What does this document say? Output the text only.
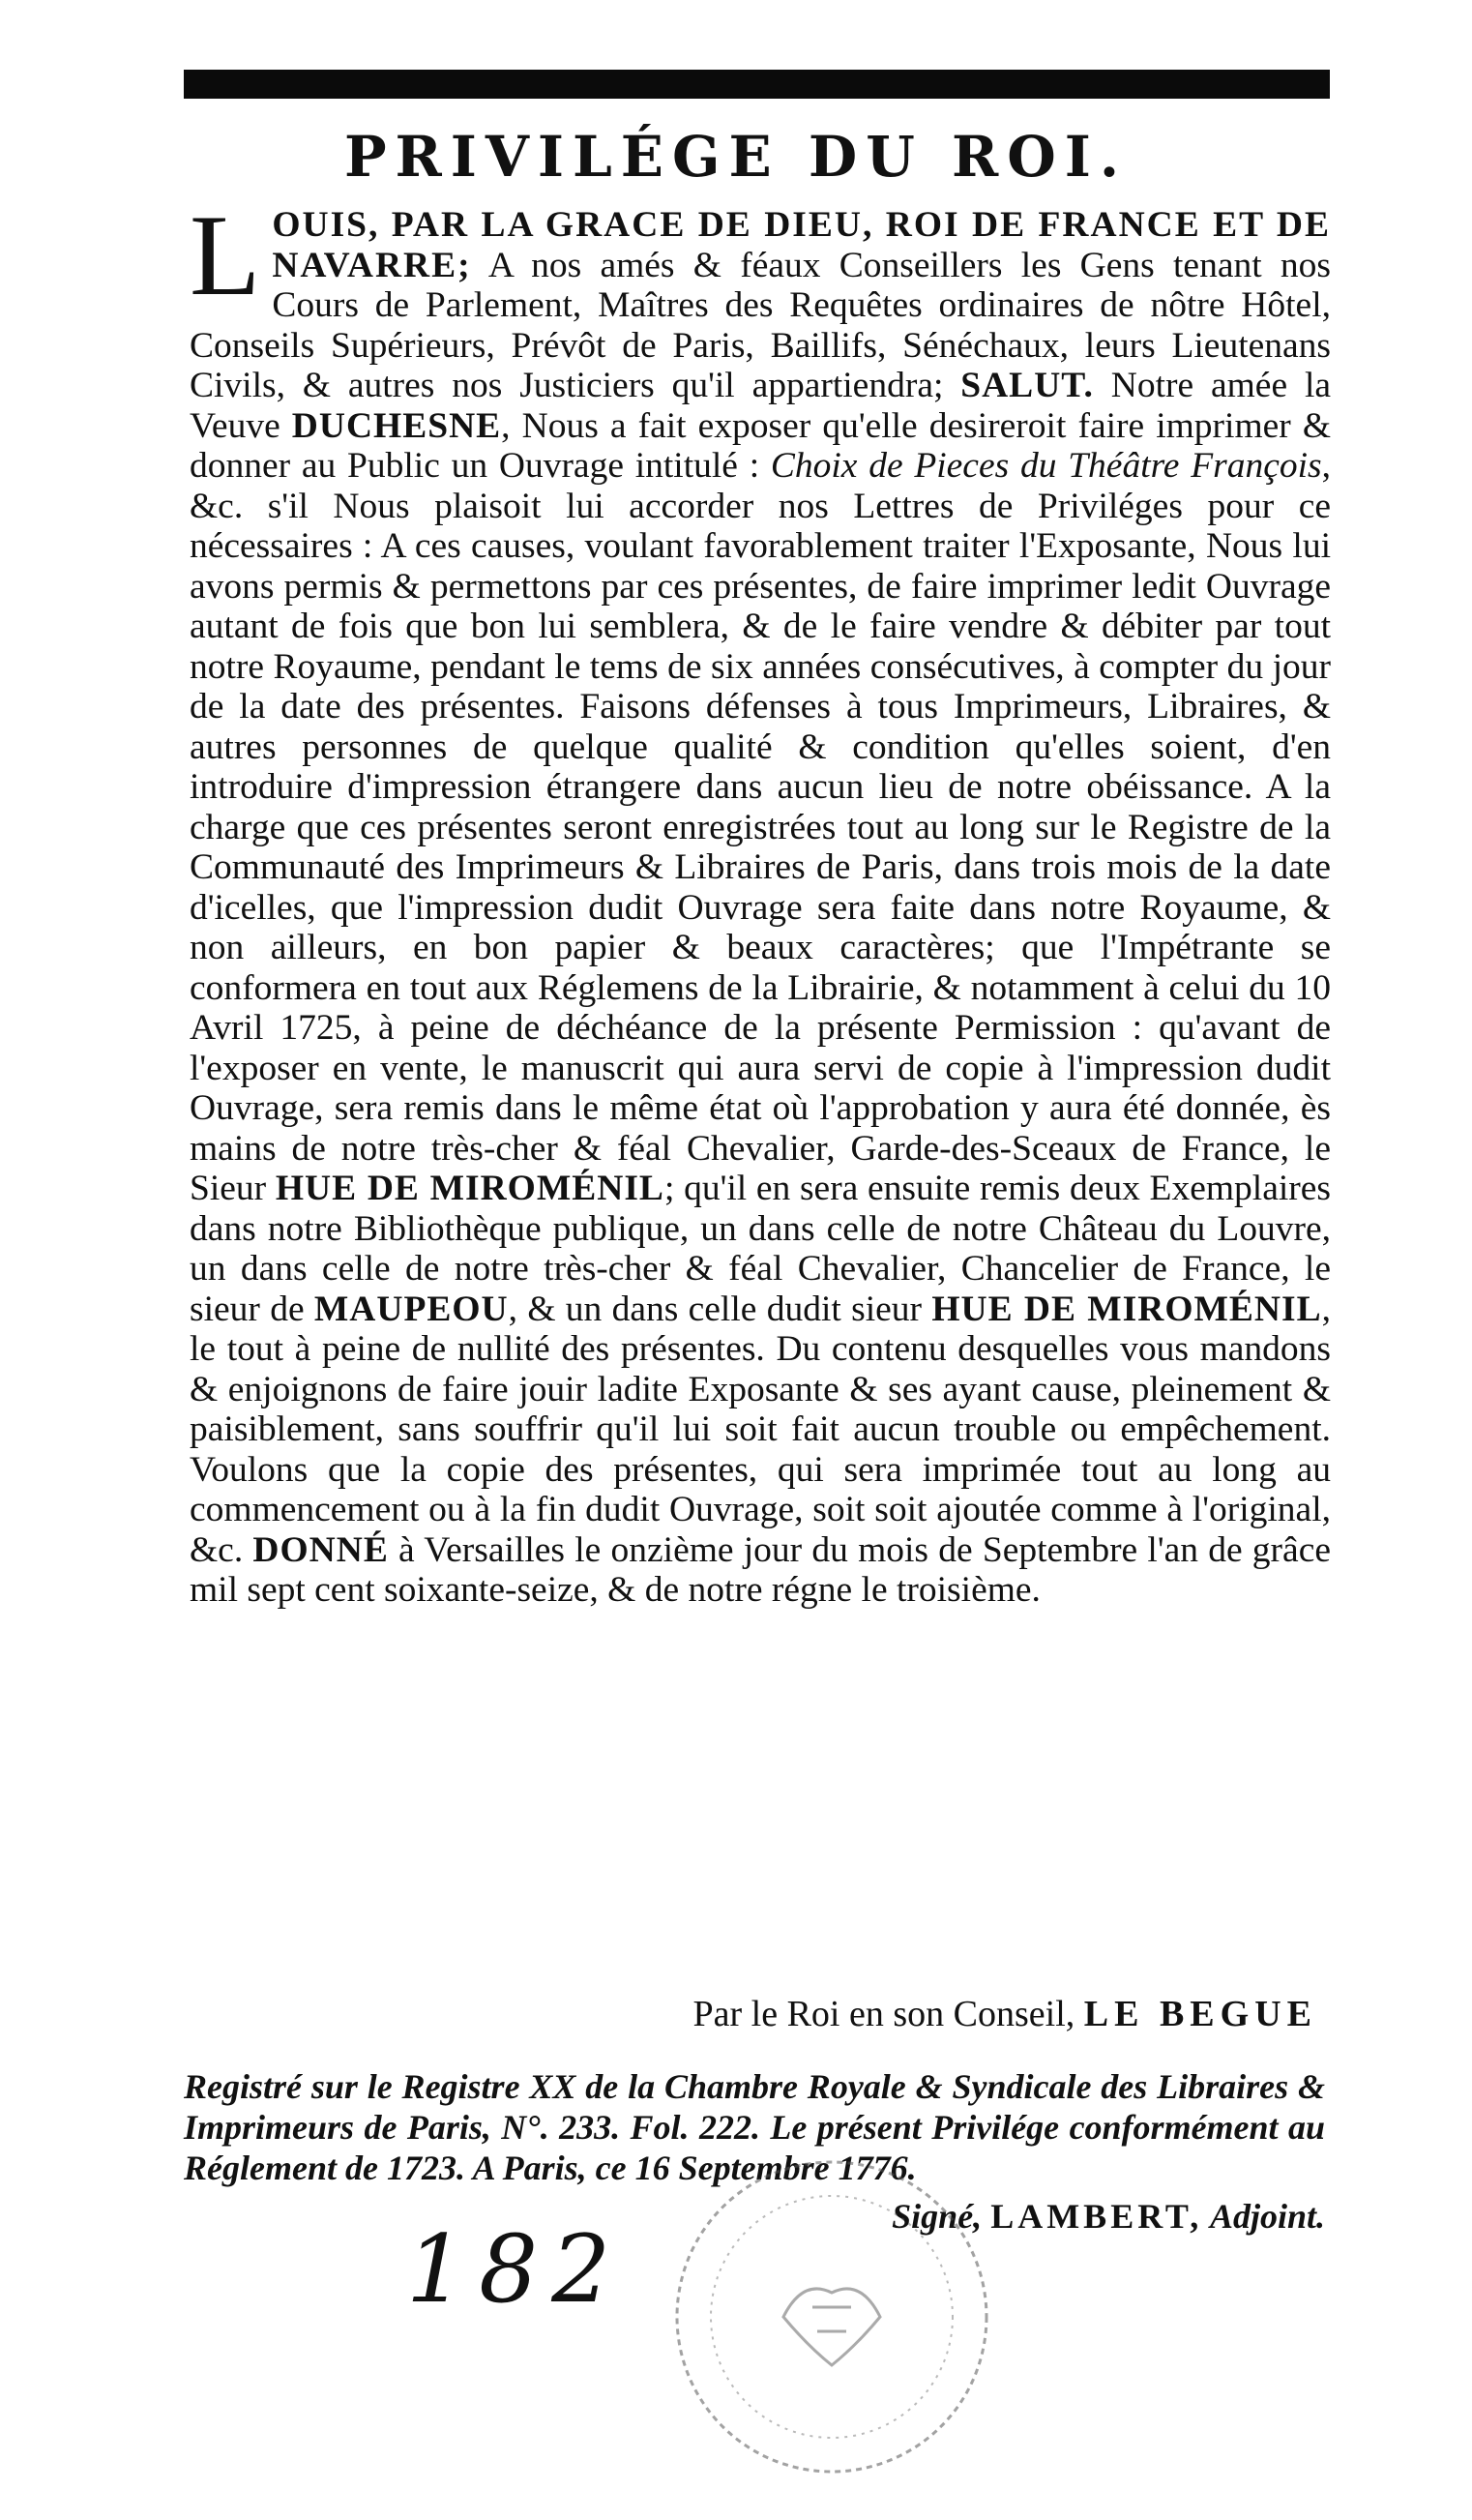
PRIVILÉGE DU ROI.
L OUIS, PAR LA GRACE DE DIEU, ROI DE FRANCE ET DE NAVARRE; A nos amés & féaux Conseillers les Gens tenant nos Cours de Parlement, Maîtres des Requêtes ordinaires de nôtre Hôtel, Conseils Supérieurs, Prévôt de Paris, Baillifs, Sénéchaux, leurs Lieutenans Civils, & autres nos Justiciers qu'il appartiendra; SALUT. Notre amée la Veuve DUCHESNE, Nous a fait exposer qu'elle desireroit faire imprimer & donner au Public un Ouvrage intitulé : Choix de Pieces du Théâtre François, &c. s'il Nous plaisoit lui accorder nos Lettres de Priviléges pour ce nécessaires : A ces causes, voulant favorablement traiter l'Exposante, Nous lui avons permis & permettons par ces présentes, de faire imprimer ledit Ouvrage autant de fois que bon lui semblera, & de le faire vendre & débiter par tout notre Royaume, pendant le tems de six années consécutives, à compter du jour de la date des présentes. Faisons défenses à tous Imprimeurs, Libraires, & autres personnes de quelque qualité & condition qu'elles soient, d'en introduire d'impression étrangere dans aucun lieu de notre obéissance. A la charge que ces présentes seront enregistrées tout au long sur le Registre de la Communauté des Imprimeurs & Libraires de Paris, dans trois mois de la date d'icelles, que l'impression dudit Ouvrage sera faite dans notre Royaume, & non ailleurs, en bon papier & beaux caractères; que l'Impétrante se conformera en tout aux Réglemens de la Librairie, & notamment à celui du 10 Avril 1725, à peine de déchéance de la présente Permission : qu'avant de l'exposer en vente, le manuscrit qui aura servi de copie à l'impression dudit Ouvrage, sera remis dans le même état où l'approbation y aura été donnée, ès mains de notre très-cher & féal Chevalier, Garde-des-Sceaux de France, le Sieur HUE DE MIROMÉNIL; qu'il en sera ensuite remis deux Exemplaires dans notre Bibliothèque publique, un dans celle de notre Château du Louvre, un dans celle de notre très-cher & féal Chevalier, Chancelier de France, le sieur de MAUPEOU, & un dans celle dudit sieur HUE DE MIROMÉNIL, le tout à peine de nullité des présentes. Du contenu desquelles vous mandons & enjoignons de faire jouir ladite Exposante & ses ayant cause, pleinement & paisiblement, sans souffrir qu'il lui soit fait aucun trouble ou empêchement. Voulons que la copie des présentes, qui sera imprimée tout au long au commencement ou à la fin dudit Ouvrage, soit soit ajoutée comme à l'original, &c. DONNÉ à Versailles le onzième jour du mois de Septembre l'an de grâce mil sept cent soixante-seize, & de notre régne le troisième.
Par le Roi en son Conseil, LE BEGUE
Registré sur le Registre XX de la Chambre Royale & Syndicale des Libraires & Imprimeurs de Paris, N°. 233. Fol. 222. Le présent Privilége conformément au Réglement de 1723. A Paris, ce 16 Septembre 1776.
Signé, LAMBERT, Adjoint.
182
